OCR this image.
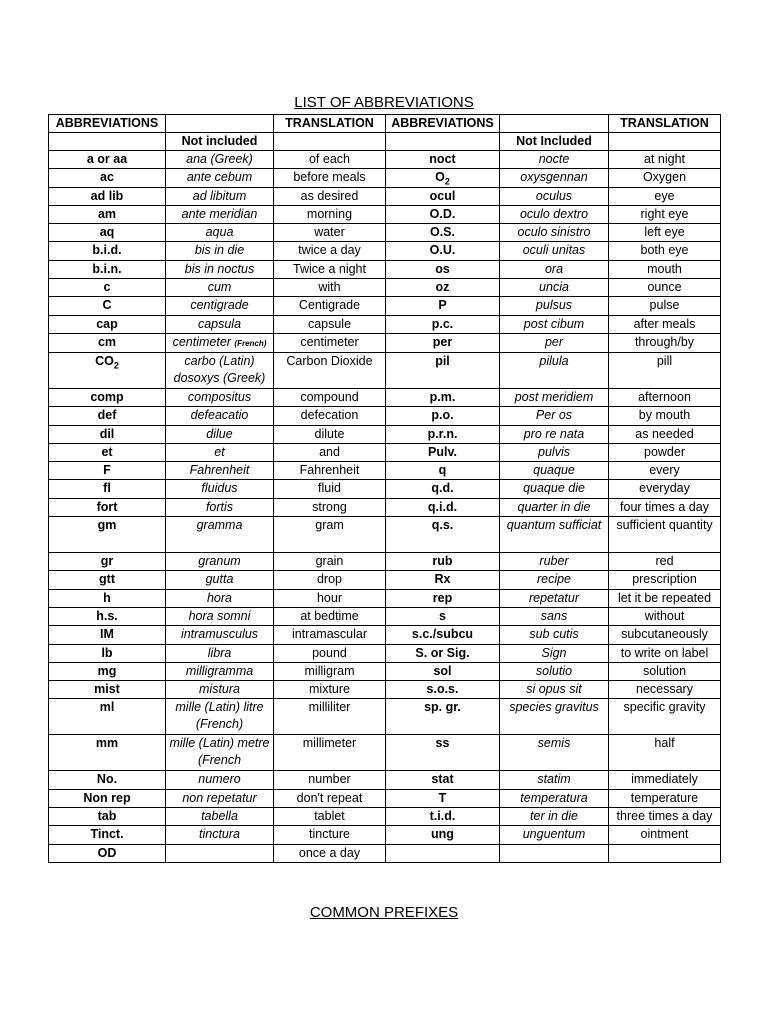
LIST OF ABBREVIATIONS
ABBREVIATIONS		TRANSLATION	ABBREVIATIONS		TRANSLATION
	Not included			Not Included	
a or aa	ana (Greek)	of each	noct	nocte	at night
ac	ante cebum	before meals	$O_2$	oxysgennan	Oxygen
ad lib	ad libitum	as desired	ocul	oculus	eye
am	ante meridian	morning	O.D.	oculo dextro	right eye
aq	aqua	water	O.S.	oculo sinistro	left eye
b.i.d.	bis in die	twice a day	O.U.	oculi unitas	both eye
b.i.n.	bis in noctus	Twice a night	os	ora	mouth
c	cum	with	oz	uncia	ounce
C	centigrade	Centigrade	P	pulsus	pulse
cap	capsula	capsule	p.c.	post cibum	after meals
cm	centimeter (French)	centimeter	per	per	through/by
$CO_2$	carbo (Latin) dosoxys (Greek)	Carbon Dioxide	pil	pilula	pill
comp	compositus	compound	p.m.	post meridiem	afternoon
def	defeacatio	defecation	p.o.	Per os	by mouth
dil	dilue	dilute	p.r.n.	pro re nata	as needed
et	et	and	Pulv.	pulvis	powder
F	Fahrenheit	Fahrenheit	q	quaque	every
fl	fluidus	fluid	q.d.	quaque die	everyday
fort	fortis	strong	q.i.d.	quarter in die	four times a day
gm	gramma	gram	q.s.	quantum sufficiat	sufficient quantity
gr	granum	grain	rub	ruber	red
gtt	gutta	drop	Rx	recipe	prescription
h	hora	hour	rep	repetatur	let it be repeated
h.s.	hora somni	at bedtime	s	sans	without
IM	intramusculus	intramascular	s.c./subcu	sub cutis	subcutaneously
lb	libra	pound	S. or Sig.	Sign	to write on label
mg	milligramma	milligram	sol	solutio	solution
mist	mistura	mixture	s.o.s.	si opus sit	necessary
ml	mille (Latin) litre (French)	milliliter	sp. gr.	species gravitus	specific gravity
mm	mille (Latin) metre (French	millimeter	ss	semis	half
No.	numero	number	stat	statim	immediately
Non rep	non repetatur	don't repeat	T	temperatura	temperature
tab	tabella	tablet	t.i.d.	ter in die	three times a day
Tinct.	tinctura	tincture	ung	unguentum	ointment
OD		once a day			
COMMON PREFIXES
